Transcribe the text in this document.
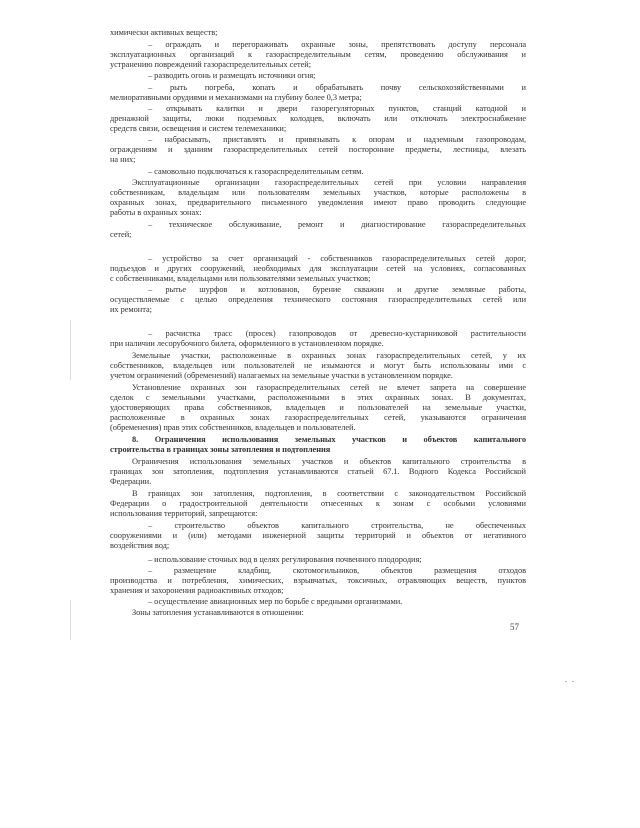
химически активных веществ;
– ограждать и перегораживать охранные зоны, препятствовать доступу персонала
эксплуатационных организаций к газораспределительным сетям, проведению обслуживания и
устранению повреждений газораспределительных сетей;
– разводить огонь и размещать источники огня;
– рыть погреба, копать и обрабатывать почву сельскохозяйственными и
мелиоративными орудиями и механизмами на глубину более 0,3 метра;
– открывать калитки и двери газорегуляторных пунктов, станций катодной и
дренажной защиты, люки подземных колодцев, включать или отключать электроснабжение
средств связи, освещения и систем телемеханики;
– набрасывать, приставлять и привязывать к опорам и надземным газопроводам,
ограждениям и зданиям газораспределительных сетей посторонние предметы, лестницы, влезать
на них;
– самовольно подключаться к газораспределительным сетям.
Эксплуатационные организации газораспределительных сетей при условии направления
собственникам, владельцам или пользователям земельных участков, которые расположены в
охранных зонах, предварительного письменного уведомления имеют право проводить следующие
работы в охранных зонах:
– техническое обслуживание, ремонт и диагностирование газораспределительных
сетей;
– устройство за счет организаций - собственников газораспределительных сетей дорог,
подъездов и других сооружений, необходимых для эксплуатации сетей на условиях, согласованных
с собственниками, владельцами или пользователями земельных участков;
– рытье шурфов и котлованов, бурение скважин и другие земляные работы,
осуществляемые с целью определения технического состояния газораспределительных сетей или
их ремонта;
– расчистка трасс (просек) газопроводов от древесно-кустарниковой растительности
при наличии лесорубочного билета, оформленного в установленном порядке.
Земельные участки, расположенные в охранных зонах газораспределительных сетей, у их
собственников, владельцев или пользователей не изымаются и могут быть использованы ими с
учетом ограничений (обременений) налагаемых на земельные участки в установленном порядке.
Установление охранных зон газораспределительных сетей не влечет запрета на совершение
сделок с земельными участками, расположенными в этих охранных зонах. В документах,
удостоверяющих права собственников, владельцев и пользователей на земельные участки,
расположенные в охранных зонах газораспределительных сетей, указываются ограничения
(обременения) прав этих собственников, владельцев и пользователей.
8. Ограничения использования земельных участков и объектов капитального
строительства в границах зоны затопления и подтопления
Ограничения использования земельных участков и объектов капитального строительства в
границах зон затопления, подтопления устанавливаются статьей 67.1. Водного Кодекса Российской
Федерации.
В границах зон затопления, подтопления, в соответствии с законодательством Российской
Федерации о градостроительной деятельности отнесенных к зонам с особыми условиями
использования территорий, запрещаются:
– строительство объектов капитального строительства, не обеспеченных
сооружениями и (или) методами инженерной защиты территорий и объектов от негативного
воздействия вод;
– использование сточных вод в целях регулирования почвенного плодородия;
– размещение кладбищ, скотомогильников, объектов размещения отходов
производства и потребления, химических, взрывчатых, токсичных, отравляющих веществ, пунктов
хранения и захоронения радиоактивных отходов;
– осуществление авиационных мер по борьбе с вредными организмами.
Зоны затопления устанавливаются в отношении:
57
